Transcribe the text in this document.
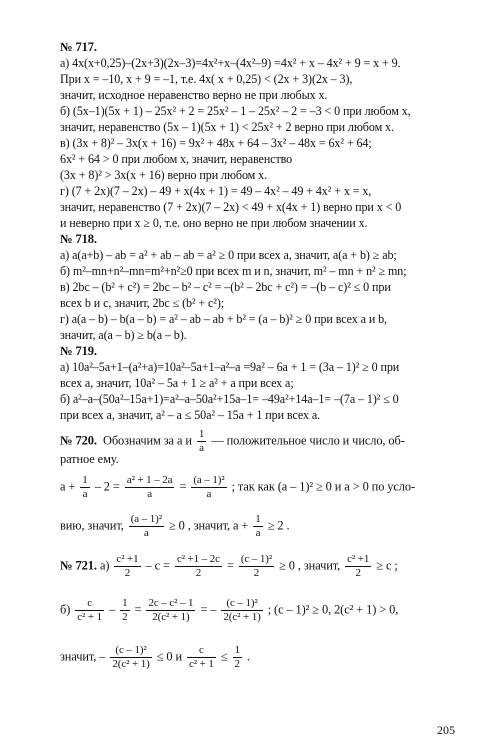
№ 717.
а) 4x(x+0,25)–(2x+3)(2x–3)=4x²+x–(4x²–9) =4x² + x – 4x² + 9 = x + 9.
При x = –10, x + 9 = –1, т.е. 4x( x + 0,25) < (2x + 3)(2x – 3),
значит, исходное неравенство верно не при любых x.
б) (5x–1)(5x + 1) – 25x² + 2 = 25x² – 1 – 25x² – 2 = –3 < 0 при любом x,
значит, неравенство (5x – 1)(5x + 1) < 25x² + 2 верно при любом x.
в) (3x + 8)² – 3x(x + 16) = 9x² + 48x + 64 – 3x² – 48x = 6x² + 64;
6x² + 64 > 0 при любом x, значит, неравенство
(3x + 8)² > 3x(x + 16) верно при любом x.
г) (7 + 2x)(7 – 2x) – 49 + x(4x + 1) = 49 – 4x² – 49 + 4x² + x = x,
значит, неравенство (7 + 2x)(7 – 2x) < 49 + x(4x + 1) верно при x < 0
и неверно при x ≥ 0, т.е. оно верно не при любом значении x.
№ 718.
а) a(a+b) – ab = a² + ab – ab = a² ≥ 0 при всех a, значит, a(a + b) ≥ ab;
б) m²–mn+n²–mn=m²+n²≥0 при всех m и n, значит, m² – mn + n² ≥ mn;
в) 2bc – (b² + c²) = 2bc – b² – c² = –(b² – 2bc + c²) = –(b – c)² ≤ 0 при
всех b и c, значит, 2bc ≤ (b² + c²);
г) a(a – b) – b(a – b) = a² – ab – ab + b² = (a – b)² ≥ 0 при всех a и b,
значит, a(a – b) ≥ b(a – b).
№ 719.
а) 10a²–5a+1–(a²+a)=10a²–5a+1–a²–a =9a² – 6a + 1 = (3a – 1)² ≥ 0 при
всех a, значит, 10a² – 5a + 1 ≥ a² + a при всех a;
б) a²–a–(50a²–15a+1)=a²–a–50a²+15a–1= –49a²+14a–1= –(7a – 1)² ≤ 0
при всех a, значит, a² – a ≤ 50a² – 15a + 1 при всех a.
№ 720. Обозначим за a и $\frac{1}{a}$ — положительное число и число, об-
ратное ему.
$a + \frac{1}{a} - 2 = \frac{\text{a² + 1 – 2a}}{a} = \frac{\text{(a – 1)²}}{a}$ ; так как (a – 1)² ≥ 0 и a > 0 по усло-
вию, значит, $\frac{\text{(a – 1)²}}{a} \ge 0$ , значит, $a + \frac{1}{a} \ge 2$ .
№ 721. $а) \frac{\text{c² +1}}{2} - c = \frac{\text{c² +1 – 2c}}{2} = \frac{\text{(c – 1)²}}{2} \ge 0$ , значит, $\frac{\text{c² +1}}{2} \ge c$ ;
$б) \frac{c}{\text{c² + 1}} - \frac{1}{2} = \frac{\text{2c – c² – 1}}{\text{2(c² + 1)}}$ = – $\frac{\text{(c – 1)²}}{\text{2(c² + 1)}}$ ; (c – 1)² ≥ 0, 2(c² + 1) > 0,
значит, – $\frac{\text{(c – 1)²}}{\text{2(c² + 1)}} \le 0$ и $\frac{c}{\text{c² + 1}} \le \frac{1}{2}$ .
205
